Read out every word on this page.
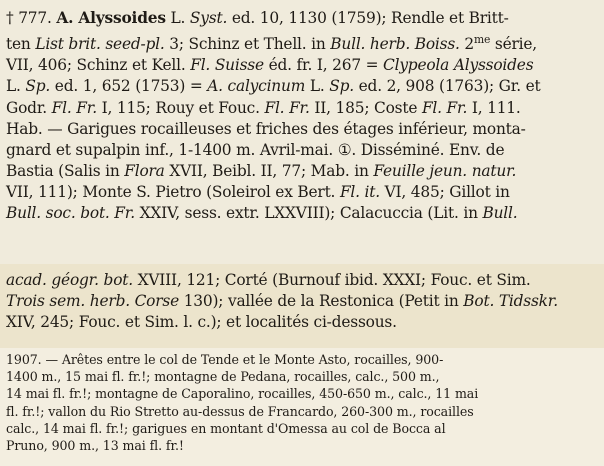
† 777. A. Alyssoides L. Syst. ed. 10, 1130 (1759); Rendle et Britt-
ten List brit. seed-pl. 3; Schinz et Thell. in Bull. herb. Boiss. $2^{me}$ série,
VII, 406; Schinz et Kell. Fl. Suisse éd. fr. I, 267 = Clypeola Alyssoides
L. Sp. ed. 1, 652 (1753) = A. calycinum L. Sp. ed. 2, 908 (1763); Gr. et
Godr. Fl. Fr. I, 115; Rouy et Fouc. Fl. Fr. II, 185; Coste Fl. Fr. I, 111.
Hab. — Garigues rocailleuses et friches des étages inférieur, monta-
gnard et supalpin inf., 1-1400 m. Avril-mai. ①. Disséminé. Env. de
Bastia (Salis in Flora XVII, Beibl. II, 77; Mab. in Feuille jeun. natur.
VII, 111); Monte S. Pietro (Soleirol ex Bert. Fl. it. VI, 485; Gillot in
Bull. soc. bot. Fr. XXIV, sess. extr. LXXVIII); Calacuccia (Lit. in Bull.
acad. géogr. bot. XVIII, 121; Corté (Burnouf ibid. XXXI; Fouc. et Sim.
Trois sem. herb. Corse 130); vallée de la Restonica (Petit in Bot. Tidsskr.
XIV, 245; Fouc. et Sim. l. c.); et localités ci-dessous.
1907. — Arêtes entre le col de Tende et le Monte Asto, rocailles, 900-
1400 m., 15 mai fl. fr.!; montagne de Pedana, rocailles, calc., 500 m.,
14 mai fl. fr.!; montagne de Caporalino, rocailles, 450-650 m., calc., 11 mai
fl. fr.!; vallon du Rio Stretto au-dessus de Francardo, 260-300 m., rocailles
calc., 14 mai fl. fr.!; garigues en montant d'Omessa au col de Bocca al
Pruno, 900 m., 13 mai fl. fr.!
